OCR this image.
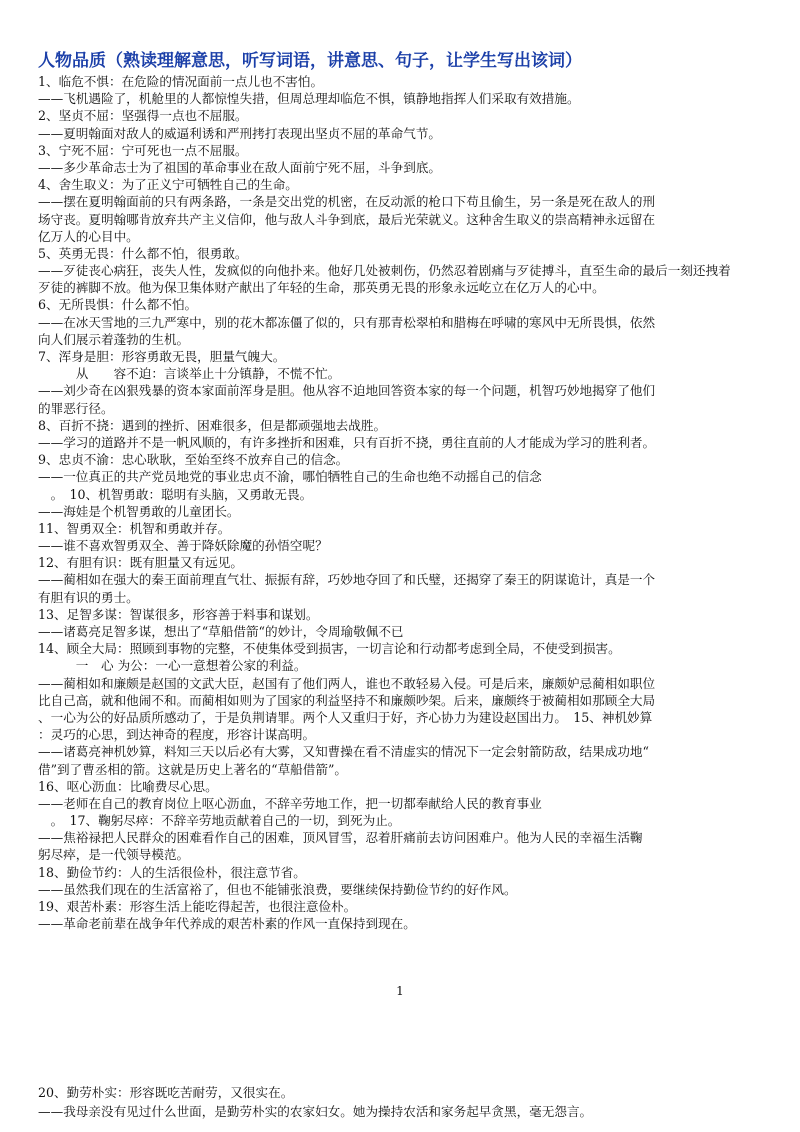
人物品质（熟读理解意思，听写词语，讲意思、句子，让学生写出该词）
1、临危不惧：在危险的情况面前一点儿也不害怕。
——飞机遇险了，机舱里的人都惊惶失措，但周总理却临危不惧，镇静地指挥人们采取有效措施。
2、坚贞不屈：坚强得一点也不屈服。
——夏明翰面对敌人的威逼利诱和严刑拷打表现出坚贞不屈的革命气节。
3、宁死不屈：宁可死也一点不屈服。
——多少革命志士为了祖国的革命事业在敌人面前宁死不屈，斗争到底。
4、舍生取义：为了正义宁可牺牲自己的生命。
——摆在夏明翰面前的只有两条路，一条是交出党的机密，在反动派的枪口下苟且偷生，另一条是死在敌人的刑
场守丧。夏明翰哪肯放弃共产主义信仰，他与敌人斗争到底，最后光荣就义。这种舍生取义的崇高精神永远留在
亿万人的心目中。
5、英勇无畏：什么都不怕，很勇敢。
——歹徒丧心病狂，丧失人性，发疯似的向他扑来。他好几处被刺伤，仍然忍着剧痛与歹徒搏斗，直至生命的最后一刻还拽着
歹徒的裤脚不放。他为保卫集体财产献出了年轻的生命，那英勇无畏的形象永远屹立在亿万人的心中。
6、无所畏惧：什么都不怕。
——在冰天雪地的三九严寒中，别的花木都冻僵了似的，只有那青松翠柏和腊梅在呼啸的寒风中无所畏惧，依然
向人们展示着蓬勃的生机。
7、浑身是胆：形容勇敢无畏，胆量气魄大。
　　　从　　容不迫：言谈举止十分镇静，不慌不忙。
——刘少奇在凶狠残暴的资本家面前浑身是胆。他从容不迫地回答资本家的每一个问题，机智巧妙地揭穿了他们
的罪恶行径。
8、百折不挠：遇到的挫折、困难很多，但是都顽强地去战胜。
——学习的道路并不是一帆风顺的，有许多挫折和困难，只有百折不挠，勇往直前的人才能成为学习的胜利者。
9、忠贞不渝：忠心耿耿，至始至终不放弃自己的信念。
——一位真正的共产党员地党的事业忠贞不渝，哪怕牺牲自己的生命也绝不动摇自己的信念
　。　10、机智勇敢：聪明有头脑，又勇敢无畏。
——海娃是个机智勇敢的儿童团长。
11、智勇双全：机智和勇敢并存。
——谁不喜欢智勇双全、善于降妖除魔的孙悟空呢？
12、有胆有识：既有胆量又有远见。
——蔺相如在强大的秦王面前理直气壮、振振有辞，巧妙地夺回了和氏璧，还揭穿了秦王的阴谋诡计，真是一个
有胆有识的勇士。
13、足智多谋：智谋很多，形容善于料事和谋划。
——诸葛亮足智多谋，想出了“草船借箭“的妙计，令周瑜敬佩不已
14、顾全大局：照顾到事物的完整，不使集体受到损害，一切言论和行动都考虑到全局，不使受到损害。
　　　一　心 为公：一心一意想着公家的利益。
——蔺相如和廉颇是赵国的文武大臣，赵国有了他们两人，谁也不敢轻易入侵。可是后来，廉颇妒忌蔺相如职位
比自己高，就和他闹不和。而蔺相如则为了国家的利益坚持不和廉颇吵架。后来，廉颇终于被蔺相如那顾全大局
、一心为公的好品质所感动了，于是负荆请罪。两个人又重归于好，齐心协力为建设赵国出力。　15、神机妙算
：灵巧的心思，到达神奇的程度，形容计谋高明。
——诸葛亮神机妙算，料知三天以后必有大雾，又知曹操在看不清虚实的情况下一定会射箭防敌，结果成功地“
借”到了曹丞相的箭。这就是历史上著名的“草船借箭”。
16、呕心沥血：比喻费尽心思。
——老师在自己的教育岗位上呕心沥血，不辞辛劳地工作，把一切都奉献给人民的教育事业
　。　17、鞠躬尽瘁：不辞辛劳地贡献着自己的一切，到死为止。
——焦裕禄把人民群众的困难看作自己的困难，顶风冒雪，忍着肝痛前去访问困难户。他为人民的幸福生活鞠
躬尽瘁，是一代领导模范。
18、勤俭节约：人的生活很俭朴，很注意节省。
——虽然我们现在的生活富裕了，但也不能铺张浪费，要继续保持勤俭节约的好作风。
19、艰苦朴素：形容生活上能吃得起苦，也很注意俭朴。
——革命老前辈在战争年代养成的艰苦朴素的作风一直保持到现在。
1
20、勤劳朴实：形容既吃苦耐劳，又很实在。
——我母亲没有见过什么世面，是勤劳朴实的农家妇女。她为操持农活和家务起早贪黑，毫无怨言。
